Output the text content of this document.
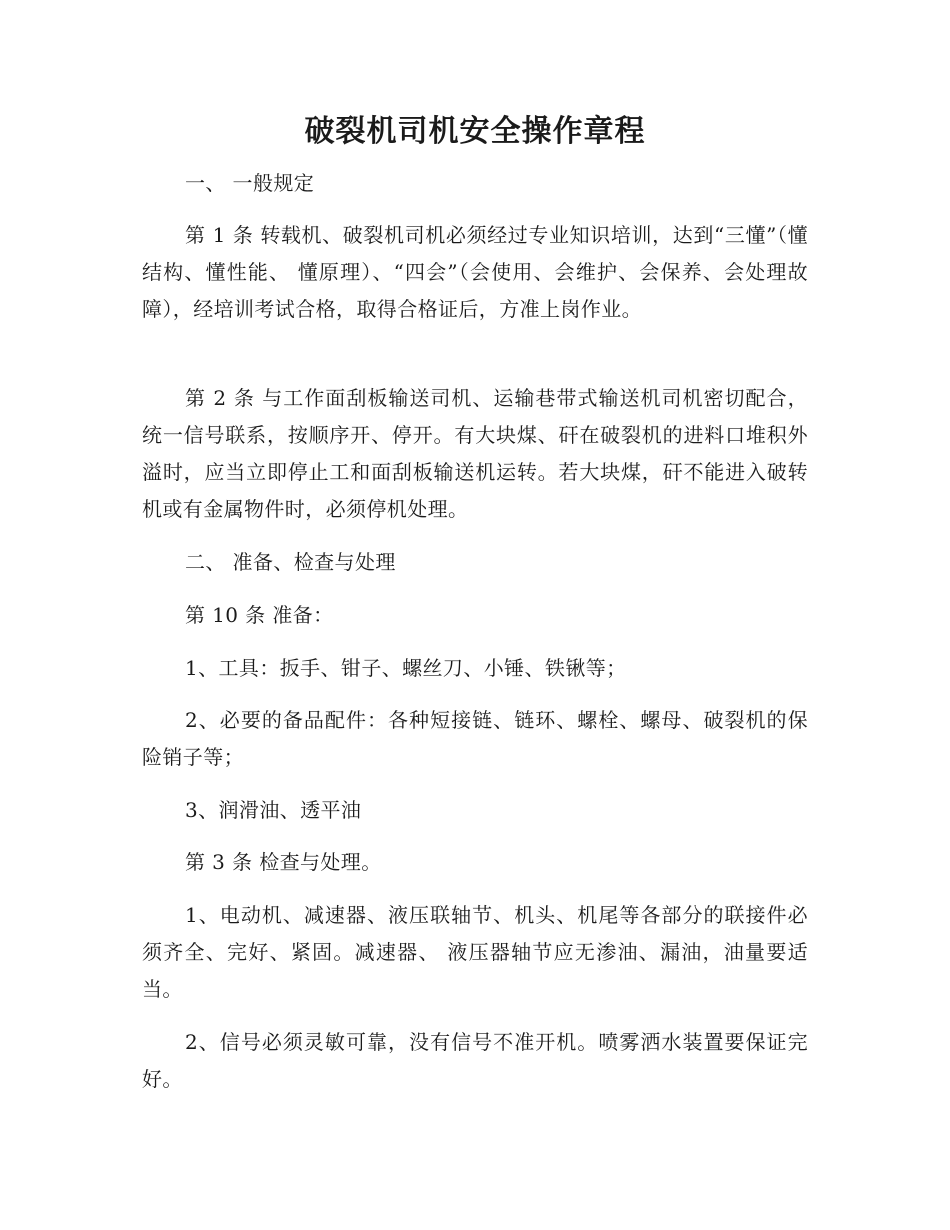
破裂机司机安全操作章程
一、 一般规定
第 1 条 转载机、破裂机司机必须经过专业知识培训，达到“三懂”（懂结构、懂性能、 懂原理）、“四会”（会使用、会维护、会保养、会处理故障），经培训考试合格，取得合格证后，方准上岗作业。
第 2 条 与工作面刮板输送司机、运输巷带式输送机司机密切配合，统一信号联系，按顺序开、停开。有大块煤、矸在破裂机的进料口堆积外溢时，应当立即停止工和面刮板输送机运转。若大块煤，矸不能进入破转机或有金属物件时，必须停机处理。
二、 准备、检查与处理
第 10 条 准备：
1、工具：扳手、钳子、螺丝刀、小锤、铁锹等；
2、必要的备品配件：各种短接链、链环、螺栓、螺母、破裂机的保险销子等；
3、润滑油、透平油
第 3 条 检查与处理。
1、电动机、减速器、液压联轴节、机头、机尾等各部分的联接件必须齐全、完好、紧固。减速器、 液压器轴节应无渗油、漏油，油量要适当。
2、信号必须灵敏可靠，没有信号不准开机。喷雾洒水装置要保证完好。
